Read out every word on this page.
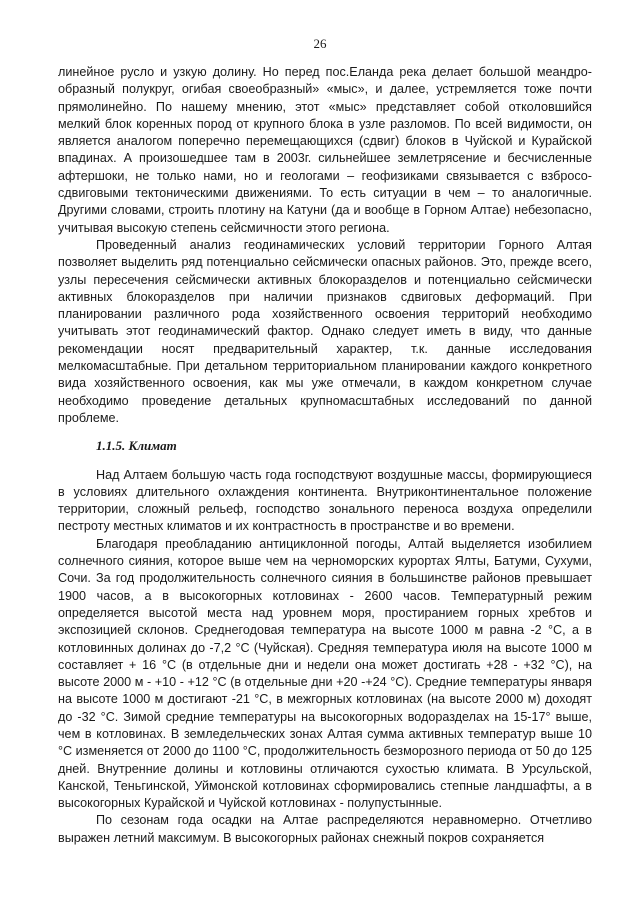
26

линейное русло и узкую долину. Но перед пос.Еланда река делает большой меандро-образный полукруг, огибая своеобразный» «мыс», и далее, устремляется тоже почти прямолинейно. По нашему мнению, этот «мыс» представляет собой отколовшийся мелкий блок коренных пород от крупного блока в узле разломов. По всей видимости, он является аналогом поперечно перемещающихся (сдвиг) блоков в Чуйской и Курайской впадинах. А произошедшее там в 2003г. сильнейшее землетрясение и бесчисленные афтершоки, не только нами, но и геологами – геофизиками связывается с взбросо-сдвиговыми тектоническими движениями. То есть ситуации в чем – то аналогичные. Другими словами, строить плотину на Катуни (да и вообще в Горном Алтае) небезопасно, учитывая высокую степень сейсмичности этого региона.

Проведенный анализ геодинамических условий территории Горного Алтая позволяет выделить ряд потенциально сейсмически опасных районов. Это, прежде всего, узлы пересечения сейсмически активных блокоразделов и потенциально сейсмически активных блокоразделов при наличии признаков сдвиговых деформаций. При планировании различного рода хозяйственного освоения территорий необходимо учитывать этот геодинамический фактор. Однако следует иметь в виду, что данные рекомендации носят предварительный характер, т.к. данные исследования мелкомасштабные. При детальном территориальном планировании каждого конкретного вида хозяйственного освоения, как мы уже отмечали, в каждом конкретном случае необходимо проведение детальных крупномасштабных исследований по данной проблеме.

1.1.5. Климат

Над Алтаем большую часть года господствуют воздушные массы, формирующиеся в условиях длительного охлаждения континента. Внутриконтинентальное положение территории, сложный рельеф, господство зонального переноса воздуха определили пестроту местных климатов и их контрастность в пространстве и во времени.

Благодаря преобладанию антициклонной погоды, Алтай выделяется изобилием солнечного сияния, которое выше чем на черноморских курортах Ялты, Батуми, Сухуми, Сочи. За год продолжительность солнечного сияния в большинстве районов превышает 1900 часов, а в высокогорных котловинах - 2600 часов. Температурный режим определяется высотой места над уровнем моря, простиранием горных хребтов и экспозицией склонов. Среднегодовая температура на высоте 1000 м равна -2 °С, а в котловинных долинах до -7,2 °С (Чуйская). Средняя температура июля на высоте 1000 м составляет + 16 °С (в отдельные дни и недели она может достигать +28 - +32 °С), на высоте 2000 м - +10 - +12 °С (в отдельные дни +20 -+24 °С). Средние температуры января на высоте 1000 м достигают -21 °С, в межгорных котловинах (на высоте 2000 м) доходят до -32 °С. Зимой средние температуры на высокогорных водоразделах на 15-17° выше, чем в котловинах. В земледельческих зонах Алтая сумма активных температур выше 10 °С изменяется от 2000 до 1100 °С, продолжительность безморозного периода от 50 до 125 дней. Внутренние долины и котловины отличаются сухостью климата. В Урсульской, Канской, Теньгинской, Уймонской котловинах сформировались степные ландшафты, а в высокогорных Курайской и Чуйской котловинах - полупустынные.

По сезонам года осадки на Алтае распределяются неравномерно. Отчетливо выражен летний максимум. В высокогорных районах снежный покров сохраняется
